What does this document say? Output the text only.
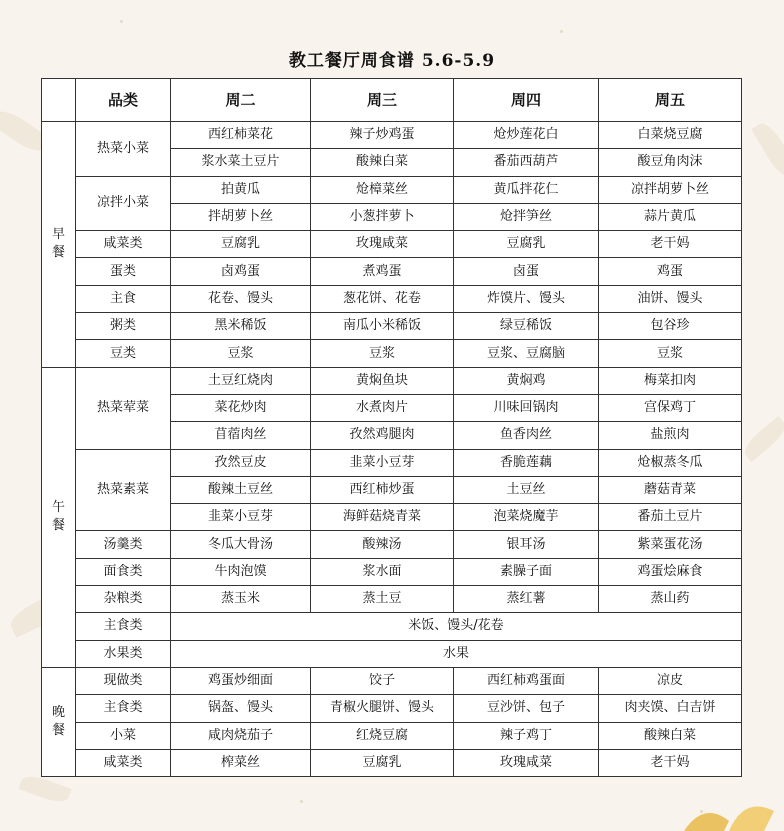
教工餐厅周食谱 5.6-5.9
	品类	周二	周三	周四	周五

早餐	热菜小菜	西红柿菜花	辣子炒鸡蛋	炝炒莲花白	白菜烧豆腐
		浆水菜土豆片	酸辣白菜	番茄西葫芦	酸豆角肉沫
	凉拌小菜	拍黄瓜	炝樟菜丝	黄瓜拌花仁	凉拌胡萝卜丝
		拌胡萝卜丝	小葱拌萝卜	炝拌笋丝	蒜片黄瓜
	咸菜类	豆腐乳	玫瑰咸菜	豆腐乳	老干妈
	蛋类	卤鸡蛋	煮鸡蛋	卤蛋	鸡蛋
	主食	花卷、馒头	葱花饼、花卷	炸馍片、馒头	油饼、馒头
	粥类	黑米稀饭	南瓜小米稀饭	绿豆稀饭	包谷珍
	豆类	豆浆	豆浆	豆浆、豆腐脑	豆浆

午餐	热菜荤菜	土豆红烧肉	黄焖鱼块	黄焖鸡	梅菜扣肉
		菜花炒肉	水煮肉片	川味回锅肉	宫保鸡丁
		苜蓿肉丝	孜然鸡腿肉	鱼香肉丝	盐煎肉
	热菜素菜	孜然豆皮	韭菜小豆芽	香脆莲藕	炝椒蒸冬瓜
		酸辣土豆丝	西红柿炒蛋	土豆丝	蘑菇青菜
		韭菜小豆芽	海鲜菇烧青菜	泡菜烧魔芋	番茄土豆片
	汤羹类	冬瓜大骨汤	酸辣汤	银耳汤	紫菜蛋花汤
	面食类	牛肉泡馍	浆水面	素臊子面	鸡蛋烩麻食
	杂粮类	蒸玉米	蒸土豆	蒸红薯	蒸山药
	主食类	米饭、馒头/花卷			
	水果类	水果			

晚餐	现做类	鸡蛋炒细面	饺子	西红柿鸡蛋面	凉皮
	主食类	锅盔、馒头	青椒火腿饼、馒头	豆沙饼、包子	肉夹馍、白吉饼
	小菜	咸肉烧茄子	红烧豆腐	辣子鸡丁	酸辣白菜
	咸菜类	榨菜丝	豆腐乳	玫瑰咸菜	老干妈
